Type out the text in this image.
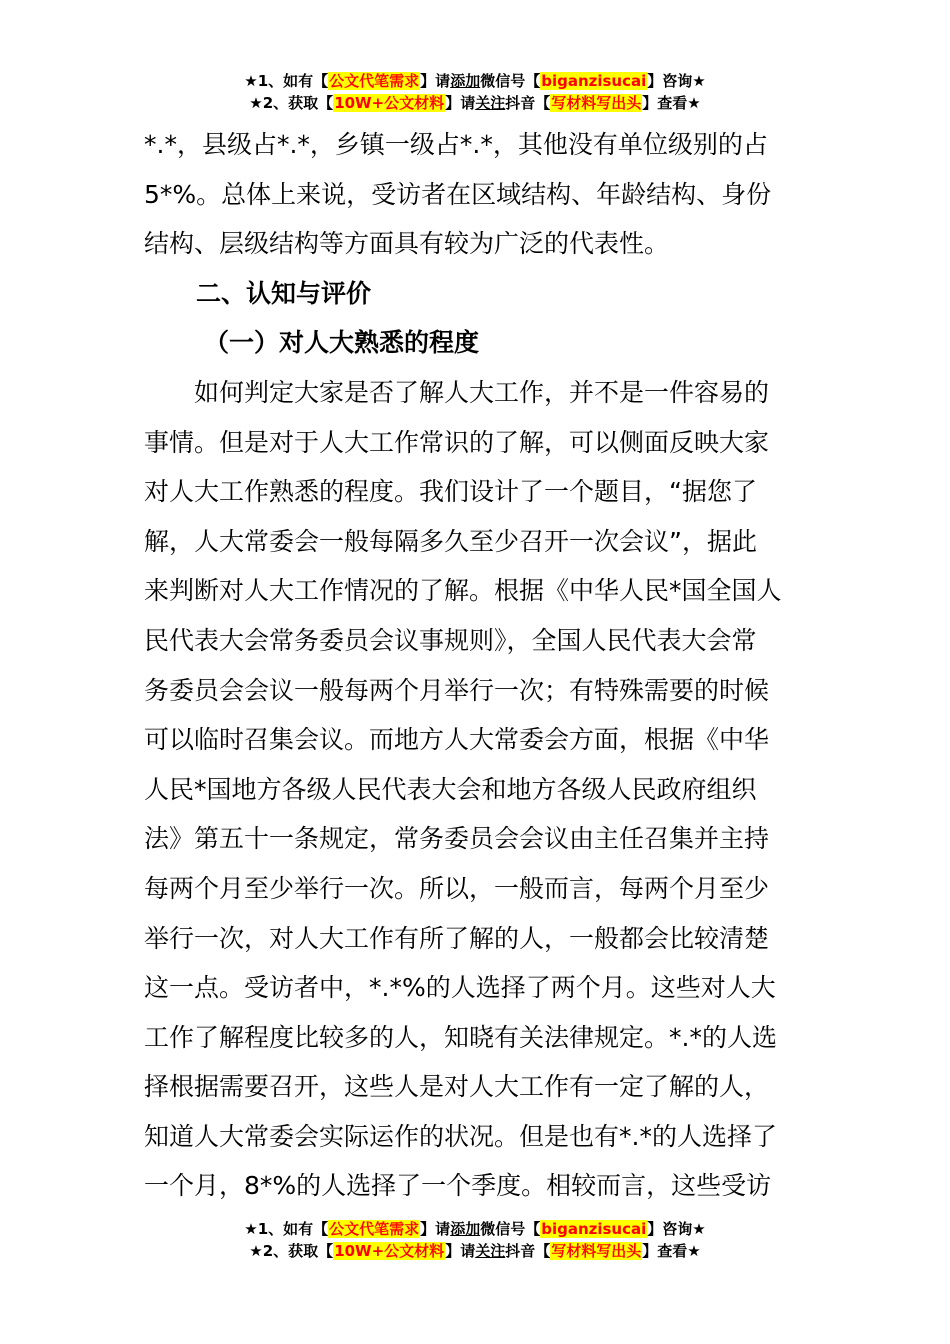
★1、如有【公文代笔需求】请添加微信号【biganzisucai】咨询★
★2、获取【10W+公文材料】请关注抖音【写材料写出头】查看★

*.*，县级占*.*，乡镇一级占*.*，其他没有单位级别的占
5*%。总体上来说，受访者在区域结构、年龄结构、身份
结构、层级结构等方面具有较为广泛的代表性。

二、认知与评价
（一）对人大熟悉的程度

如何判定大家是否了解人大工作，并不是一件容易的
事情。但是对于人大工作常识的了解，可以侧面反映大家
对人大工作熟悉的程度。我们设计了一个题目，“据您了
解，人大常委会一般每隔多久至少召开一次会议”，据此
来判断对人大工作情况的了解。根据《中华人民*国全国人
民代表大会常务委员会议事规则》，全国人民代表大会常
务委员会会议一般每两个月举行一次；有特殊需要的时候
可以临时召集会议。而地方人大常委会方面，根据《中华
人民*国地方各级人民代表大会和地方各级人民政府组织
法》第五十一条规定，常务委员会会议由主任召集并主持
每两个月至少举行一次。所以，一般而言，每两个月至少
举行一次，对人大工作有所了解的人，一般都会比较清楚
这一点。受访者中，*.*%的人选择了两个月。这些对人大
工作了解程度比较多的人，知晓有关法律规定。*.*的人选
择根据需要召开，这些人是对人大工作有一定了解的人，
知道人大常委会实际运作的状况。但是也有*.*的人选择了
一个月，8*%的人选择了一个季度。相较而言，这些受访

★1、如有【公文代笔需求】请添加微信号【biganzisucai】咨询★
★2、获取【10W+公文材料】请关注抖音【写材料写出头】查看★
